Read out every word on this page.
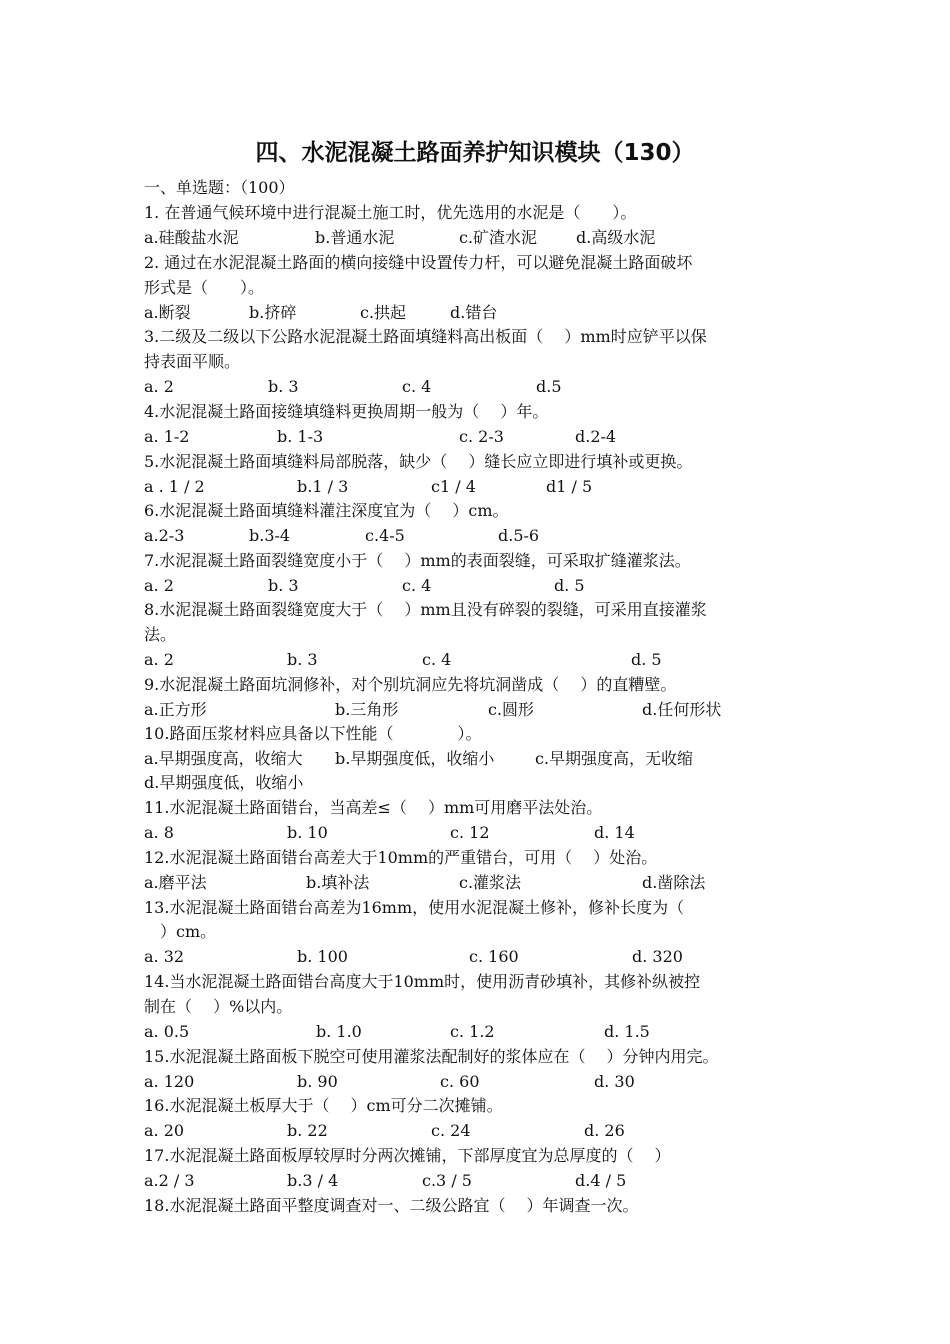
四、水泥混凝土路面养护知识模块（130）
一、单选题：（100）
1. 在普通气候环境中进行混凝土施工时，优先选用的水泥是（　　）。
a.硅酸盐水泥	b.普通水泥	c.矿渣水泥 d.高级水泥
2. 通过在水泥混凝土路面的横向接缝中设置传力杆，可以避免混凝土路面破坏
形式是（　　）。
a.断裂	b.挤碎	c.拱起	d.错台
3.二级及二级以下公路水泥混凝土路面填缝料高出板面（　 ）mm时应铲平以保
持表面平顺。
a. 2	b. 3	c. 4	d.5
4.水泥混凝土路面接缝填缝料更换周期一般为（　 ）年。
a. 1-2	b. 1-3	c. 2-3	d.2-4
5.水泥混凝土路面填缝料局部脱落，缺少（　 ）缝长应立即进行填补或更换。
a . 1 / 2	b.1 / 3	c1 / 4	d1 / 5
6.水泥混凝土路面填缝料灌注深度宜为（　 ）cm。
a.2-3	b.3-4	c.4-5	d.5-6
7.水泥混凝土路面裂缝宽度小于（　 ）mm的表面裂缝，可采取扩缝灌浆法。
a. 2	b. 3	c. 4	d. 5
8.水泥混凝土路面裂缝宽度大于（　 ）mm且没有碎裂的裂缝，可采用直接灌浆
法。
a. 2	b. 3	c. 4	d. 5
9.水泥混凝土路面坑洞修补，对个别坑洞应先将坑洞凿成（　 ）的直糟壁。
a.正方形	b.三角形	c.圆形	d.任何形状
10.路面压浆材料应具备以下性能（　　　　）。
a.早期强度高，收缩大 b.早期强度低，收缩小	c.早期强度高，无收缩
d.早期强度低，收缩小
11.水泥混凝土路面错台，当高差≤（　 ）mm可用磨平法处治。
a. 8	b. 10	c. 12	d. 14
12.水泥混凝土路面错台高差大于10mm的严重错台，可用（　 ）处治。
a.磨平法	b.填补法	c.灌浆法	d.凿除法
13.水泥混凝土路面错台高差为16mm，使用水泥混凝土修补，修补长度为（
　）cm。
a. 32	b. 100	c. 160	d. 320
14.当水泥混凝土路面错台高度大于10mm时，使用沥青砂填补，其修补纵被控
制在（　 ）%以内。
a. 0.5	b. 1.0	c. 1.2	d. 1.5
15.水泥混凝土路面板下脱空可使用灌浆法配制好的浆体应在（　 ）分钟内用完。
a. 120	b. 90	c. 60	d. 30
16.水泥混凝土板厚大于（　 ）cm可分二次摊铺。
a. 20	b. 22	c. 24	d. 26
17.水泥混凝土路面板厚较厚时分两次摊铺，下部厚度宜为总厚度的（　 ）
a.2 / 3	b.3 / 4	c.3 / 5	d.4 / 5
18.水泥混凝土路面平整度调查对一、二级公路宜（　 ）年调查一次。
